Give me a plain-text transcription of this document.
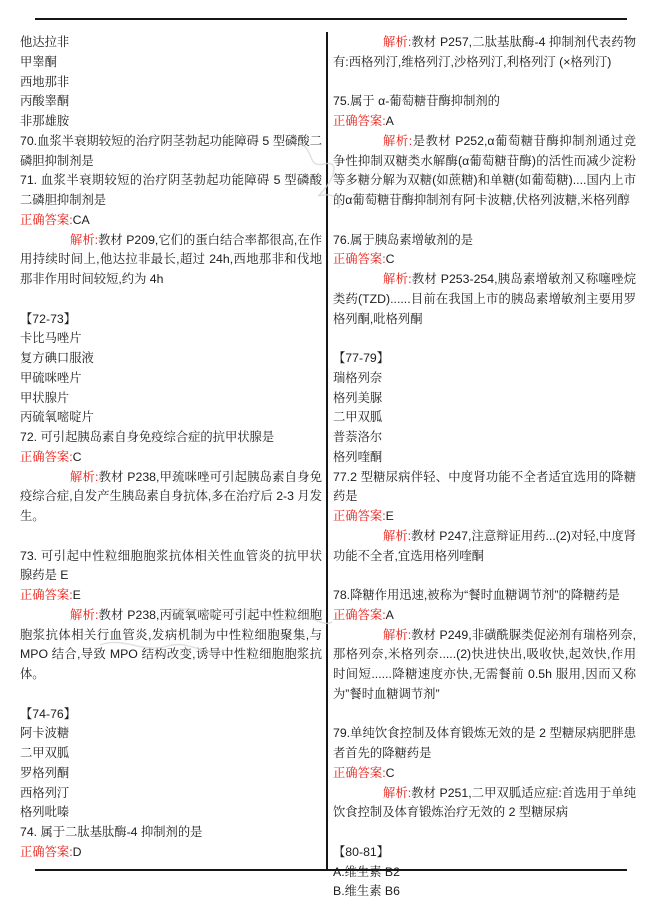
他达拉非

甲睾酮

西地那非

丙酸睾酮

非那雄胺

70.血浆半衰期较短的治疗阴茎勃起功能障碍 5 型磷酸二磷胆抑制剂是

71. 血浆半衰期较短的治疗阴茎勃起功能障碍 5 型磷酸二磷胆抑制剂是

正确答案:CA

解析:教材 P209,它们的蛋白结合率都很高,在作用持续时间上,他达拉非最长,超过 24h,西地那非和伐地那非作用时间较短,约为 4h

【72-73】

卡比马唑片

复方碘口服液

甲硫咪唑片

甲状腺片

丙硫氧嘧啶片

72. 可引起胰岛素自身免疫综合症的抗甲状腺是

正确答案:C

解析:教材 P238,甲巯咪唑可引起胰岛素自身免疫综合症,自发产生胰岛素自身抗体,多在治疗后 2-3 月发生。

73. 可引起中性粒细胞胞浆抗体相关性血管炎的抗甲状腺药是 E

正确答案:E

解析:教材 P238,丙硫氧嘧啶可引起中性粒细胞胞浆抗体相关行血管炎,发病机制为中性粒细胞聚集,与 MPO 结合,导致 MPO 结构改变,诱导中性粒细胞胞浆抗体。

【74-76】

阿卡波糖

二甲双胍

罗格列酮

西格列汀

格列吡嗪

74. 属于二肽基肽酶-4 抑制剂的是

正确答案:D

解析:教材 P257,二肽基肽酶-4 抑制剂代表药物有:西格列汀,维格列汀,沙格列汀,利格列汀 (×格列汀)

75.属于 α-葡萄糖苷酶抑制剂的

正确答案:A

解析:是教材 P252,α葡萄糖苷酶抑制剂通过竞争性抑制双糖类水解酶(α葡萄糖苷酶)的活性而减少淀粉等多糖分解为双糖(如蔗糖)和单糖(如葡萄糖)....国内上市的α葡萄糖苷酶抑制剂有阿卡波糖,伏格列波糖,米格列醇

76.属于胰岛素增敏剂的是

正确答案:C

解析:教材 P253-254,胰岛素增敏剂又称噻唑烷类药(TZD)......目前在我国上市的胰岛素增敏剂主要用罗格列酮,吡格列酮

【77-79】

瑞格列奈

格列美脲

二甲双胍

普萘洛尔

格列喹酮

77.2 型糖尿病伴轻、中度肾功能不全者适宜选用的降糖药是

正确答案:E

解析:教材 P247,注意辩证用药...(2)对轻,中度肾功能不全者,宜选用格列喹酮

78.降糖作用迅速,被称为“餐时血糖调节剂”的降糖药是

正确答案:A

解析:教材 P249,非磺酰脲类促泌剂有瑞格列奈,那格列奈,米格列奈.....(2)快进快出,吸收快,起效快,作用时间短......降糖速度亦快,无需餐前 0.5h 服用,因而又称为”餐时血糖调节剂”

79.单纯饮食控制及体育锻炼无效的是 2 型糖尿病肥胖患者首先的降糖药是

正确答案:C

解析:教材 P251,二甲双胍适应症:首选用于单纯饮食控制及体育锻炼治疗无效的 2 型糖尿病

【80-81】

A.维生素 B2

B.维生素 B6
